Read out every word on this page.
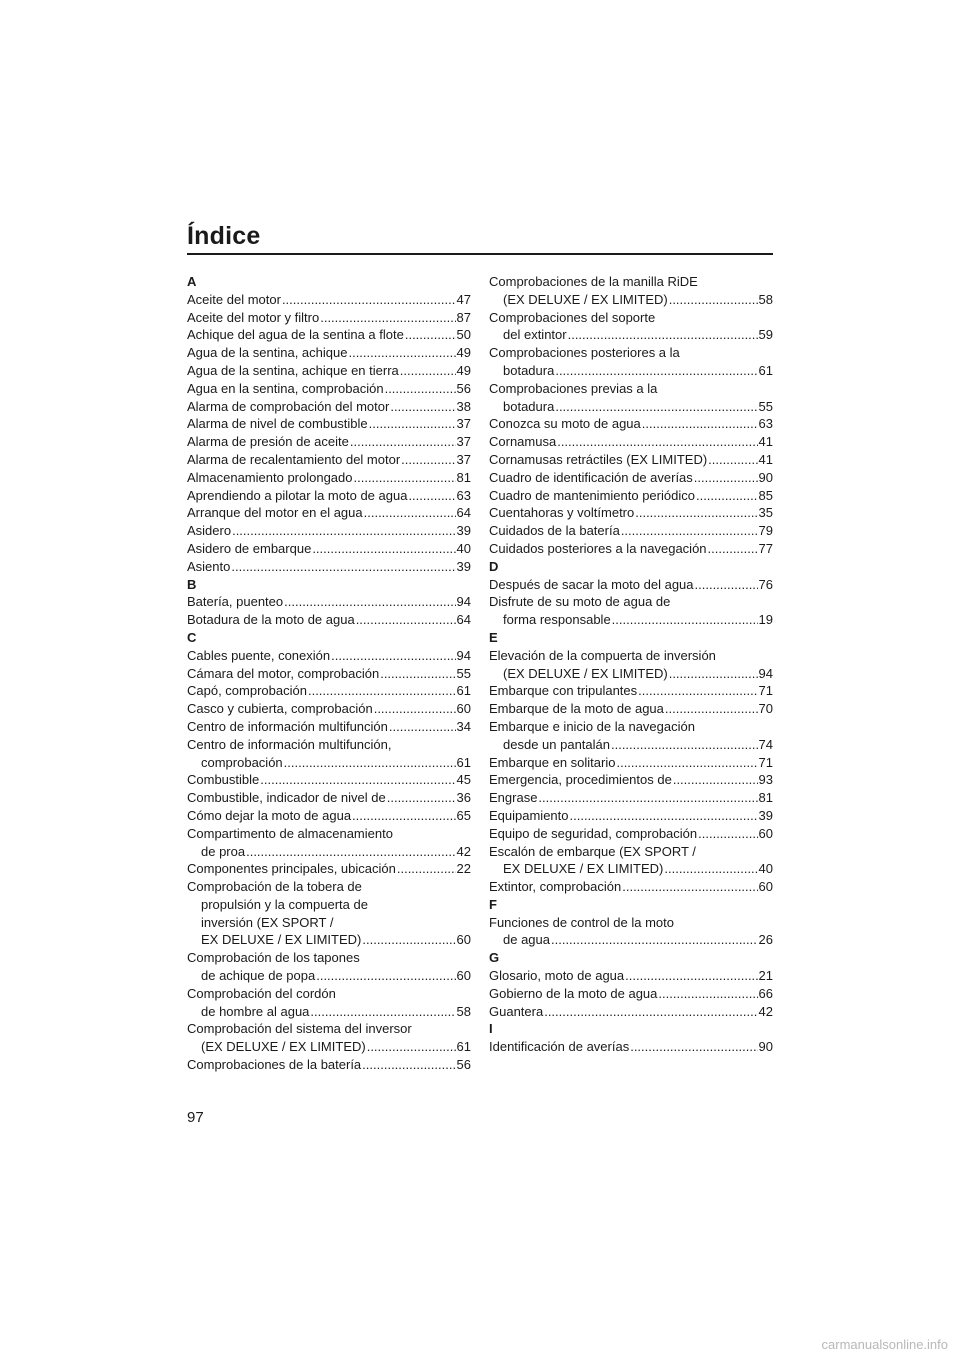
Índice
A
Aceite del motor .....	47
Aceite del motor y filtro .....	87
Achique del agua de la sentina a flote .....	50
Agua de la sentina, achique .....	49
Agua de la sentina, achique en tierra .....	49
Agua en la sentina, comprobación .....	56
Alarma de comprobación del motor .....	38
Alarma de nivel de combustible .....	37
Alarma de presión de aceite .....	37
Alarma de recalentamiento del motor .....	37
Almacenamiento prolongado .....	81
Aprendiendo a pilotar la moto de agua .....	63
Arranque del motor en el agua .....	64
Asidero .....	39
Asidero de embarque .....	40
Asiento .....	39
B
Batería, puenteo .....	94
Botadura de la moto de agua .....	64
C
Cables puente, conexión .....	94
Cámara del motor, comprobación .....	55
Capó, comprobación .....	61
Casco y cubierta, comprobación .....	60
Centro de información multifunción .....	34
Centro de información multifunción,
comprobación .....	61
Combustible .....	45
Combustible, indicador de nivel de .....	36
Cómo dejar la moto de agua .....	65
Compartimento de almacenamiento
de proa .....	42
Componentes principales, ubicación .....	22
Comprobación de la tobera de
propulsión y la compuerta de
inversión (EX SPORT /
EX DELUXE / EX LIMITED) .....	60
Comprobación de los tapones
de achique de popa .....	60
Comprobación del cordón
de hombre al agua .....	58
Comprobación del sistema del inversor
(EX DELUXE / EX LIMITED) .....	61
Comprobaciones de la batería .....	56
Comprobaciones de la manilla RiDE
(EX DELUXE / EX LIMITED) .....	58
Comprobaciones del soporte
del extintor .....	59
Comprobaciones posteriores a la
botadura .....	61
Comprobaciones previas a la
botadura .....	55
Conozca su moto de agua .....	63
Cornamusa .....	41
Cornamusas retráctiles (EX LIMITED) .....	41
Cuadro de identificación de averías .....	90
Cuadro de mantenimiento periódico .....	85
Cuentahoras y voltímetro .....	35
Cuidados de la batería .....	79
Cuidados posteriores a la navegación .....	77
D
Después de sacar la moto del agua .....	76
Disfrute de su moto de agua de
forma responsable .....	19
E
Elevación de la compuerta de inversión
(EX DELUXE / EX LIMITED) .....	94
Embarque con tripulantes .....	71
Embarque de la moto de agua .....	70
Embarque e inicio de la navegación
desde un pantalán .....	74
Embarque en solitario .....	71
Emergencia, procedimientos de .....	93
Engrase .....	81
Equipamiento .....	39
Equipo de seguridad, comprobación .....	60
Escalón de embarque (EX SPORT /
EX DELUXE / EX LIMITED) .....	40
Extintor, comprobación .....	60
F
Funciones de control de la moto
de agua .....	26
G
Glosario, moto de agua .....	21
Gobierno de la moto de agua .....	66
Guantera .....	42
I
Identificación de averías .....	90
97
carmanualsonline.info
